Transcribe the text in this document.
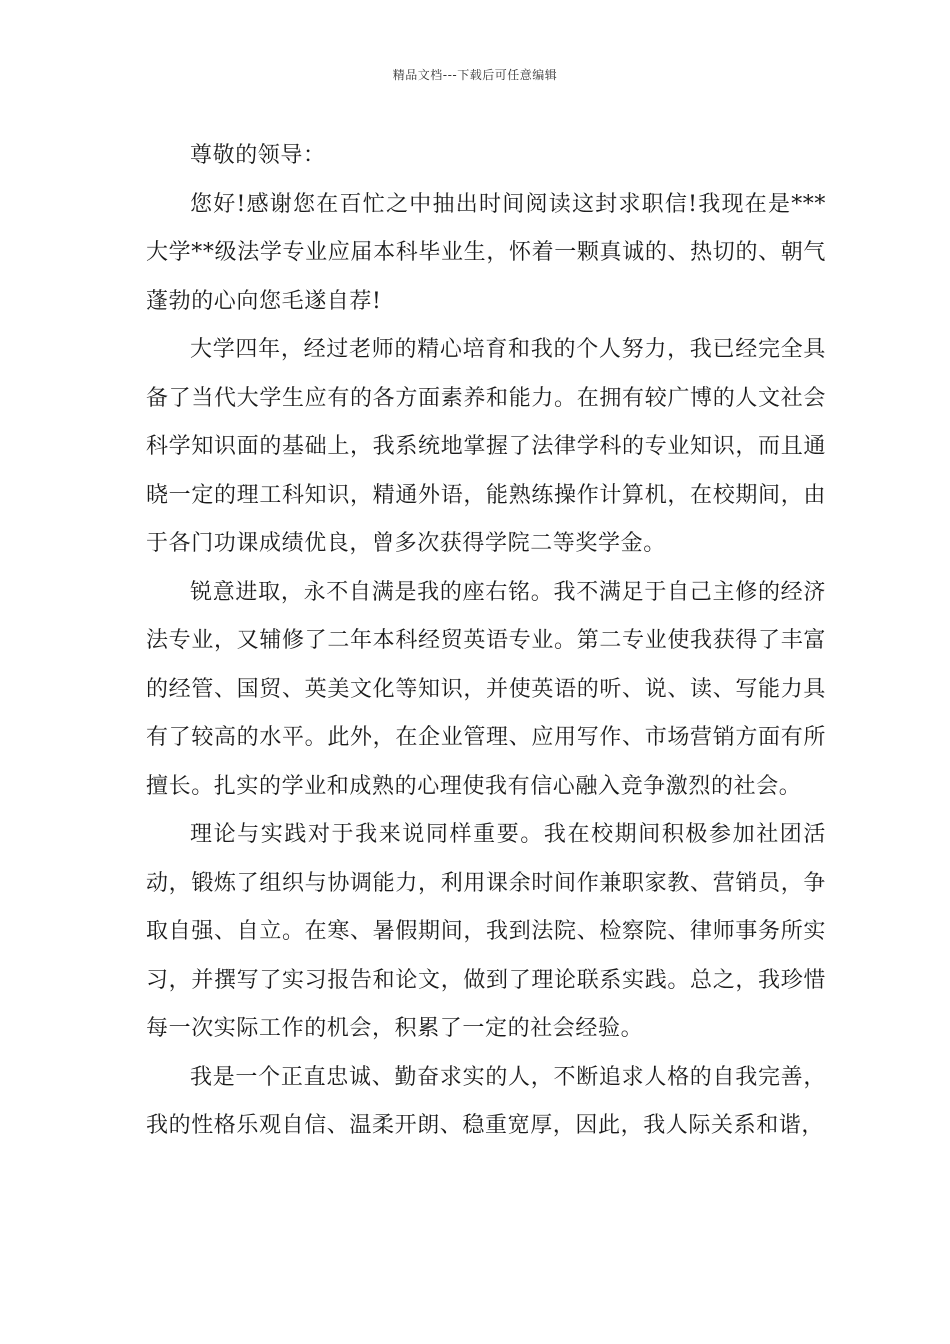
精品文档---下载后可任意编辑

尊敬的领导：

您好!感谢您在百忙之中抽出时间阅读这封求职信!我现在是***大学**级法学专业应届本科毕业生，怀着一颗真诚的、热切的、朝气蓬勃的心向您毛遂自荐!

大学四年，经过老师的精心培育和我的个人努力，我已经完全具备了当代大学生应有的各方面素养和能力。在拥有较广博的人文社会科学知识面的基础上，我系统地掌握了法律学科的专业知识，而且通晓一定的理工科知识，精通外语，能熟练操作计算机，在校期间，由于各门功课成绩优良，曾多次获得学院二等奖学金。

锐意进取，永不自满是我的座右铭。我不满足于自己主修的经济法专业，又辅修了二年本科经贸英语专业。第二专业使我获得了丰富的经管、国贸、英美文化等知识，并使英语的听、说、读、写能力具有了较高的水平。此外，在企业管理、应用写作、市场营销方面有所擅长。扎实的学业和成熟的心理使我有信心融入竞争激烈的社会。

理论与实践对于我来说同样重要。我在校期间积极参加社团活动，锻炼了组织与协调能力，利用课余时间作兼职家教、营销员，争取自强、自立。在寒、暑假期间，我到法院、检察院、律师事务所实习，并撰写了实习报告和论文，做到了理论联系实践。总之，我珍惜每一次实际工作的机会，积累了一定的社会经验。

我是一个正直忠诚、勤奋求实的人，不断追求人格的自我完善，我的性格乐观自信、温柔开朗、稳重宽厚，因此，我人际关系和谐，
